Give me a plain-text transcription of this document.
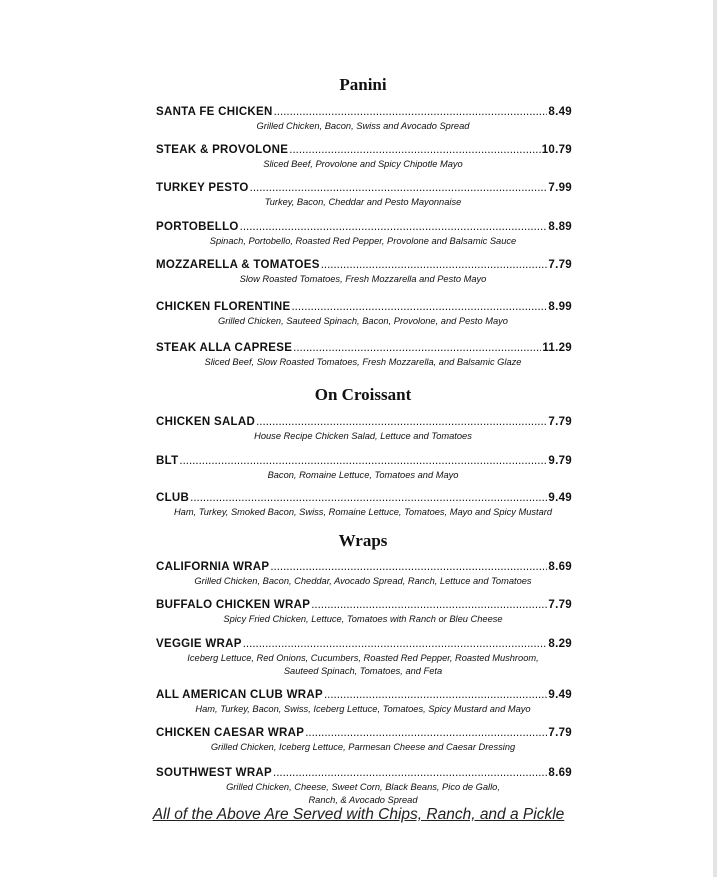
Panini
SANTA FE CHICKEN .....	8.49
Grilled Chicken, Bacon, Swiss and Avocado Spread
STEAK & PROVOLONE .....	10.79
Sliced Beef, Provolone and Spicy Chipotle Mayo
TURKEY PESTO .....	7.99
Turkey, Bacon, Cheddar and Pesto Mayonnaise
PORTOBELLO .....	8.89
Spinach, Portobello, Roasted Red Pepper, Provolone and Balsamic Sauce
MOZZARELLA & TOMATOES .....	7.79
Slow Roasted Tomatoes, Fresh Mozzarella and Pesto Mayo
CHICKEN FLORENTINE .....	8.99
Grilled Chicken, Sauteed Spinach, Bacon, Provolone, and Pesto Mayo
STEAK ALLA CAPRESE .....	11.29
Sliced Beef, Slow Roasted Tomatoes, Fresh Mozzarella, and Balsamic Glaze
On Croissant
CHICKEN SALAD .....	7.79
House Recipe Chicken Salad, Lettuce and Tomatoes
BLT .....	9.79
Bacon, Romaine Lettuce, Tomatoes and Mayo
CLUB .....	9.49
Ham, Turkey, Smoked Bacon, Swiss, Romaine Lettuce, Tomatoes, Mayo and Spicy Mustard
Wraps
CALIFORNIA WRAP .....	8.69
Grilled Chicken, Bacon, Cheddar, Avocado Spread, Ranch, Lettuce and Tomatoes
BUFFALO CHICKEN WRAP .....	7.79
Spicy Fried Chicken, Lettuce, Tomatoes with Ranch or Bleu Cheese
VEGGIE WRAP .....	8.29
Iceberg Lettuce, Red Onions, Cucumbers, Roasted Red Pepper, Roasted Mushroom,
Sauteed Spinach, Tomatoes, and Feta
ALL AMERICAN CLUB WRAP .....	9.49
Ham, Turkey, Bacon, Swiss, Iceberg Lettuce, Tomatoes, Spicy Mustard and Mayo
CHICKEN CAESAR WRAP .....	7.79
Grilled Chicken, Iceberg Lettuce, Parmesan Cheese and Caesar Dressing
SOUTHWEST WRAP .....	8.69
Grilled Chicken, Cheese, Sweet Corn, Black Beans, Pico de Gallo,
Ranch, & Avocado Spread
All of the Above Are Served with Chips, Ranch, and a Pickle
